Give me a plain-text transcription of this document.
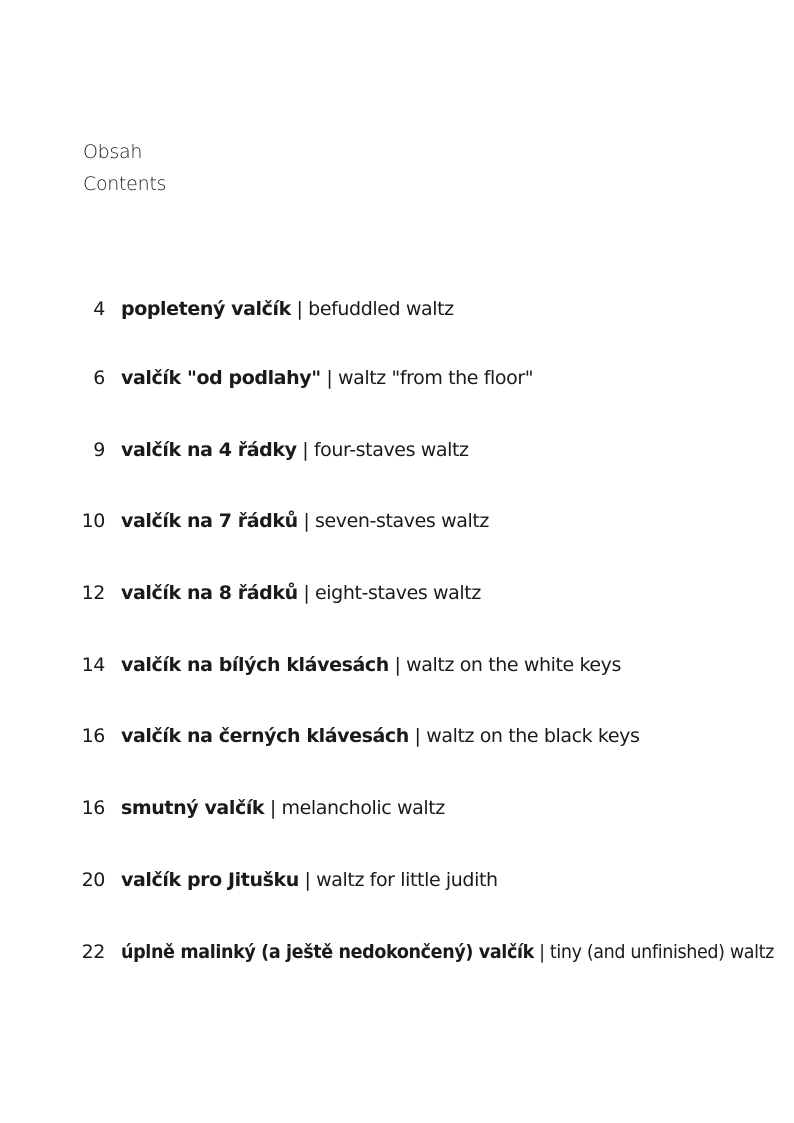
Obsah
Contents
4 popletený valčík | befuddled waltz
6 valčík "od podlahy" | waltz "from the floor"
9 valčík na 4 řádky | four-staves waltz
10 valčík na 7 řádků | seven-staves waltz
12 valčík na 8 řádků | eight-staves waltz
14 valčík na bílých klávesách | waltz on the white keys
16 valčík na černých klávesách | waltz on the black keys
16 smutný valčík | melancholic waltz
20 valčík pro Jitušku | waltz for little judith
22 úplně malinký (a ještě nedokončený) valčík | tiny (and unfinished) waltz
